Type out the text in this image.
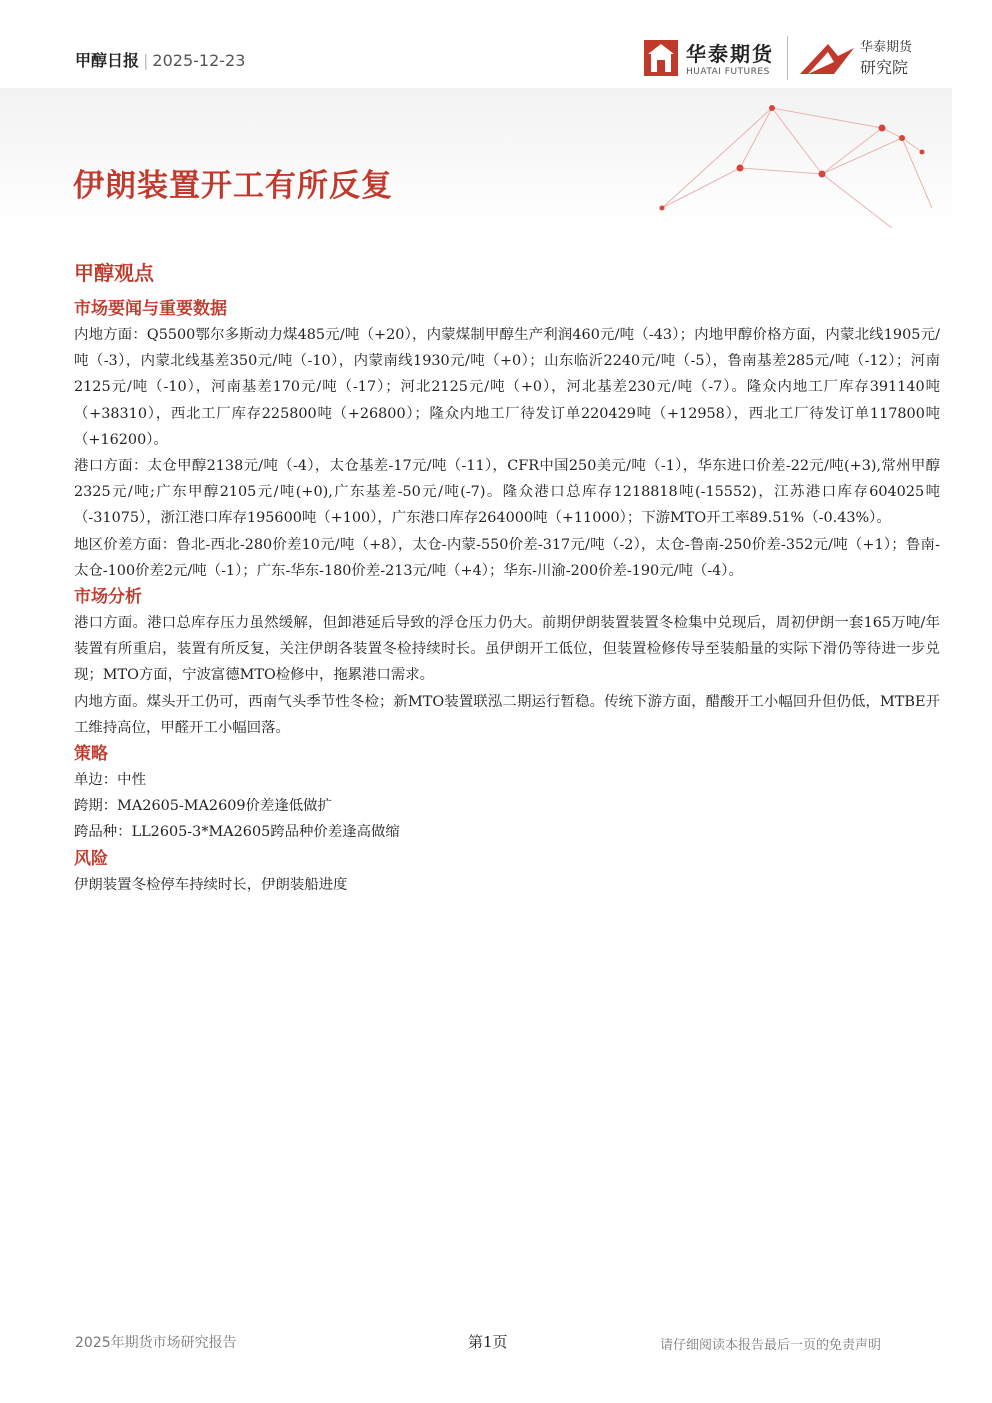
甲醇日报 | 2025-12-23	华泰期货
HUATAI FUTURES
华泰期货
研究院
伊朗装置开工有所反复
甲醇观点
市场要闻与重要数据

内地方面：Q5500鄂尔多斯动力煤485元/吨（+20），内蒙煤制甲醇生产利润460元/吨（-43）；内地甲醇价格方面，内蒙北线1905元/吨（-3），内蒙北线基差350元/吨（-10），内蒙南线1930元/吨（+0）；山东临沂2240元/吨（-5），鲁南基差285元/吨（-12）；河南2125元/吨（-10），河南基差170元/吨（-17）；河北2125元/吨（+0），河北基差230元/吨（-7）。隆众内地工厂库存391140吨（+38310），西北工厂库存225800吨（+26800）；隆众内地工厂待发订单220429吨（+12958），西北工厂待发订单117800吨（+16200）。

港口方面：太仓甲醇2138元/吨（-4），太仓基差-17元/吨（-11），CFR中国250美元/吨（-1），华东进口价差-22元/吨(+3),常州甲醇2325元/吨;广东甲醇2105元/吨(+0),广东基差-50元/吨(-7)。隆众港口总库存1218818吨(-15552)，江苏港口库存604025吨（-31075），浙江港口库存195600吨（+100），广东港口库存264000吨（+11000）；下游MTO开工率89.51%（-0.43%）。

地区价差方面：鲁北-西北-280价差10元/吨（+8），太仓-内蒙-550价差-317元/吨（-2），太仓-鲁南-250价差-352元/吨（+1）；鲁南-太仓-100价差2元/吨（-1）；广东-华东-180价差-213元/吨（+4）；华东-川渝-200价差-190元/吨（-4）。

市场分析

港口方面。港口总库存压力虽然缓解，但卸港延后导致的浮仓压力仍大。前期伊朗装置装置冬检集中兑现后，周初伊朗一套165万吨/年装置有所重启，装置有所反复，关注伊朗各装置冬检持续时长。虽伊朗开工低位，但装置检修传导至装船量的实际下滑仍等待进一步兑现；MTO方面，宁波富德MTO检修中，拖累港口需求。

内地方面。煤头开工仍可，西南气头季节性冬检；新MTO装置联泓二期运行暂稳。传统下游方面，醋酸开工小幅回升但仍低，MTBE开工维持高位，甲醛开工小幅回落。

策略

单边：中性

跨期：MA2605-MA2609价差逢低做扩

跨品种：LL2605-3*MA2605跨品种价差逢高做缩

风险

伊朗装置冬检停车持续时长，伊朗装船进度

2025年期货市场研究报告	第1页	请仔细阅读本报告最后一页的免责声明
